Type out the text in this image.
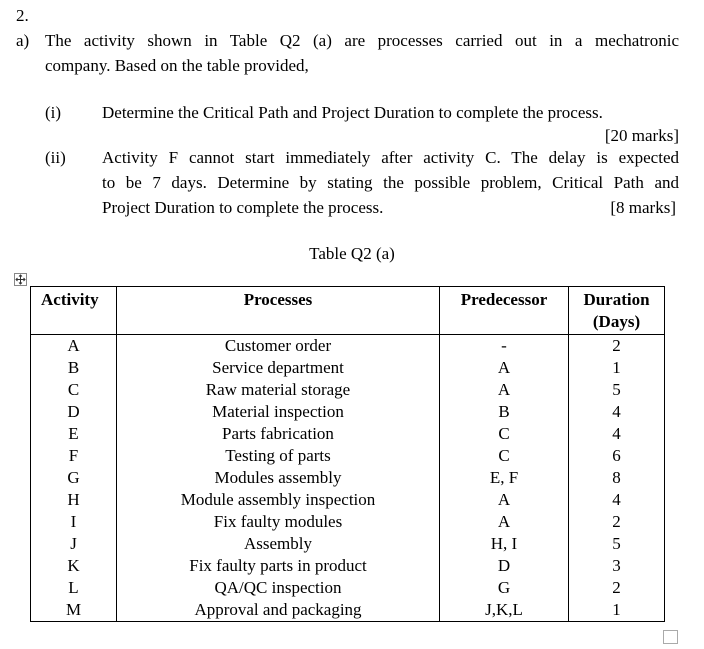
2.
a) The activity shown in Table Q2 (a) are processes carried out in a mechatronic
company. Based on the table provided,
(i) Determine the Critical Path and Project Duration to complete the process.
[20 marks]
(ii) Activity F cannot start immediately after activity C. The delay is expected
to be 7 days. Determine by stating the possible problem, Critical Path and
Project Duration to complete the process.	[8 marks]
Table Q2 (a)
Activity	Processes	Predecessor	Duration
(Days)

A	Customer order	-	2
B	Service department	A	1
C	Raw material storage	A	5
D	Material inspection	B	4
E	Parts fabrication	C	4
F	Testing of parts	C	6
G	Modules assembly	E, F	8
H	Module assembly inspection	A	4
I	Fix faulty modules	A	2
J	Assembly	H, I	5
K	Fix faulty parts in product	D	3
L	QA/QC inspection	G	2
M	Approval and packaging	J,K,L	1
